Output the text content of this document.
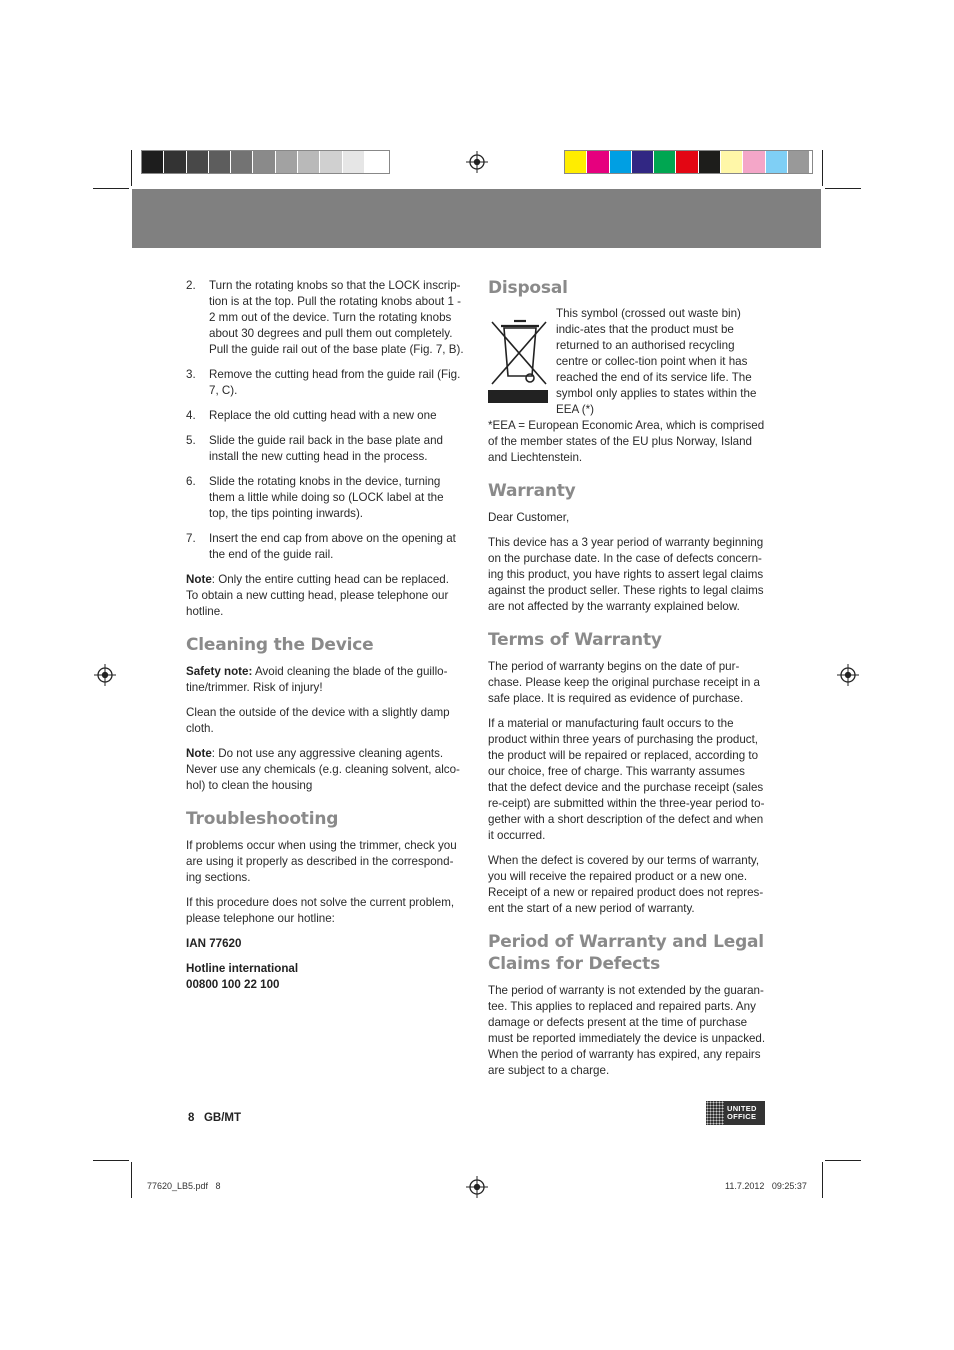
2.	Turn the rotating knobs so that the LOCK inscrip-tion is at the top. Pull the rotating knobs about 1 - 2 mm out of the device. Turn the rotating knobs about 30 degrees and pull them out completely. Pull the guide rail out of the base plate (Fig. 7, B).
3.	Remove the cutting head from the guide rail (Fig. 7, C).
4.	Replace the old cutting head with a new one
5.	Slide the guide rail back in the base plate and install the new cutting head in the process.
6.	Slide the rotating knobs in the device, turning them a little while doing so (LOCK label at the top, the tips pointing inwards).
7.	Insert the end cap from above on the opening at the end of the guide rail.

Note: Only the entire cutting head can be replaced. To obtain a new cutting head, please telephone our hotline.

Cleaning the Device

Safety note: Avoid cleaning the blade of the guillo-tine/trimmer. Risk of injury!

Clean the outside of the device with a slightly damp cloth.

Note: Do not use any aggressive cleaning agents. Never use any chemicals (e.g. cleaning solvent, alco-hol) to clean the housing

Troubleshooting

If problems occur when using the trimmer, check you are using it properly as described in the correspond-ing sections.

If this procedure does not solve the current problem, please telephone our hotline:

IAN 77620

Hotline international
00800 100 22 100
Disposal
This symbol (crossed out waste bin) indic-ates that the product must be returned to an authorised recycling centre or collec-tion point when it has reached the end of its service life. The symbol only applies to states within the EEA (*)

*EEA = European Economic Area, which is comprised of the member states of the EU plus Norway, Island and Liechtenstein.

Warranty

Dear Customer,

This device has a 3 year period of warranty beginning on the purchase date. In the case of defects concern-ing this product, you have rights to assert legal claims against the product seller. These rights to legal claims are not affected by the warranty explained below.

Terms of Warranty

The period of warranty begins on the date of pur-chase. Please keep the original purchase receipt in a safe place. It is required as evidence of purchase.

If a material or manufacturing fault occurs to the product within three years of purchasing the product, the product will be repaired or replaced, according to our choice, free of charge. This warranty assumes that the defect device and the purchase receipt (sales re-ceipt) are submitted within the three-year period to-gether with a short description of the defect and when it occurred.

When the defect is covered by our terms of warranty, you will receive the repaired product or a new one. Receipt of a new or repaired product does not repres-ent the start of a new period of warranty.

Period of Warranty and Legal Claims for Defects

The period of warranty is not extended by the guaran-tee. This applies to replaced and repaired parts. Any damage or defects present at the time of purchase must be reported immediately the device is unpacked. When the period of warranty has expired, any repairs are subject to a charge.

8   GB/MT
UNITED
OFFICE
77620_LB5.pdf   8	11.7.2012   09:25:37
